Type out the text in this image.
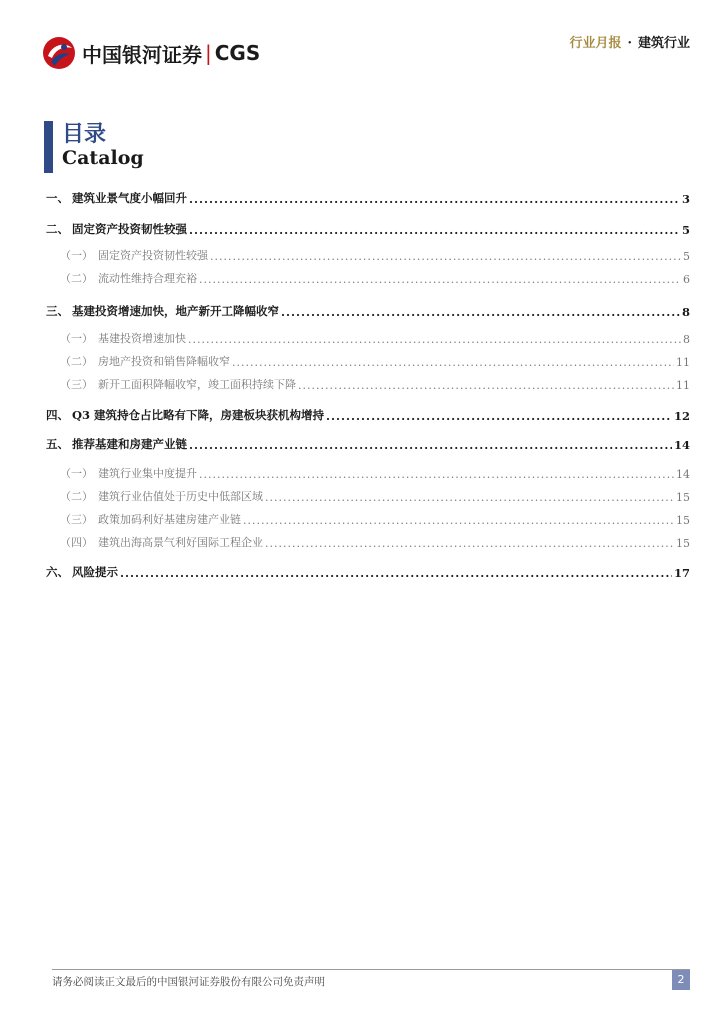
中国银河证券 | CGS	行业月报 · 建筑行业
目录
Catalog
一、 建筑业景气度小幅回升 .....	3
二、 固定资产投资韧性较强 .....	5
（一） 固定资产投资韧性较强 .....	5
（二） 流动性维持合理充裕 .....	6
三、 基建投资增速加快，地产新开工降幅收窄 .....	8
（一） 基建投资增速加快 .....	8
（二） 房地产投资和销售降幅收窄 .....	11
（三） 新开工面积降幅收窄，竣工面积持续下降 .....	11
四、 Q3 建筑持仓占比略有下降，房建板块获机构增持 .....	12
五、 推荐基建和房建产业链 .....	14
（一） 建筑行业集中度提升 .....	14
（二） 建筑行业估值处于历史中低部区域 .....	15
（三） 政策加码利好基建房建产业链 .....	15
（四） 建筑出海高景气利好国际工程企业 .....	15
六、 风险提示 .....	17
请务必阅读正文最后的中国银河证券股份有限公司免责声明	2
